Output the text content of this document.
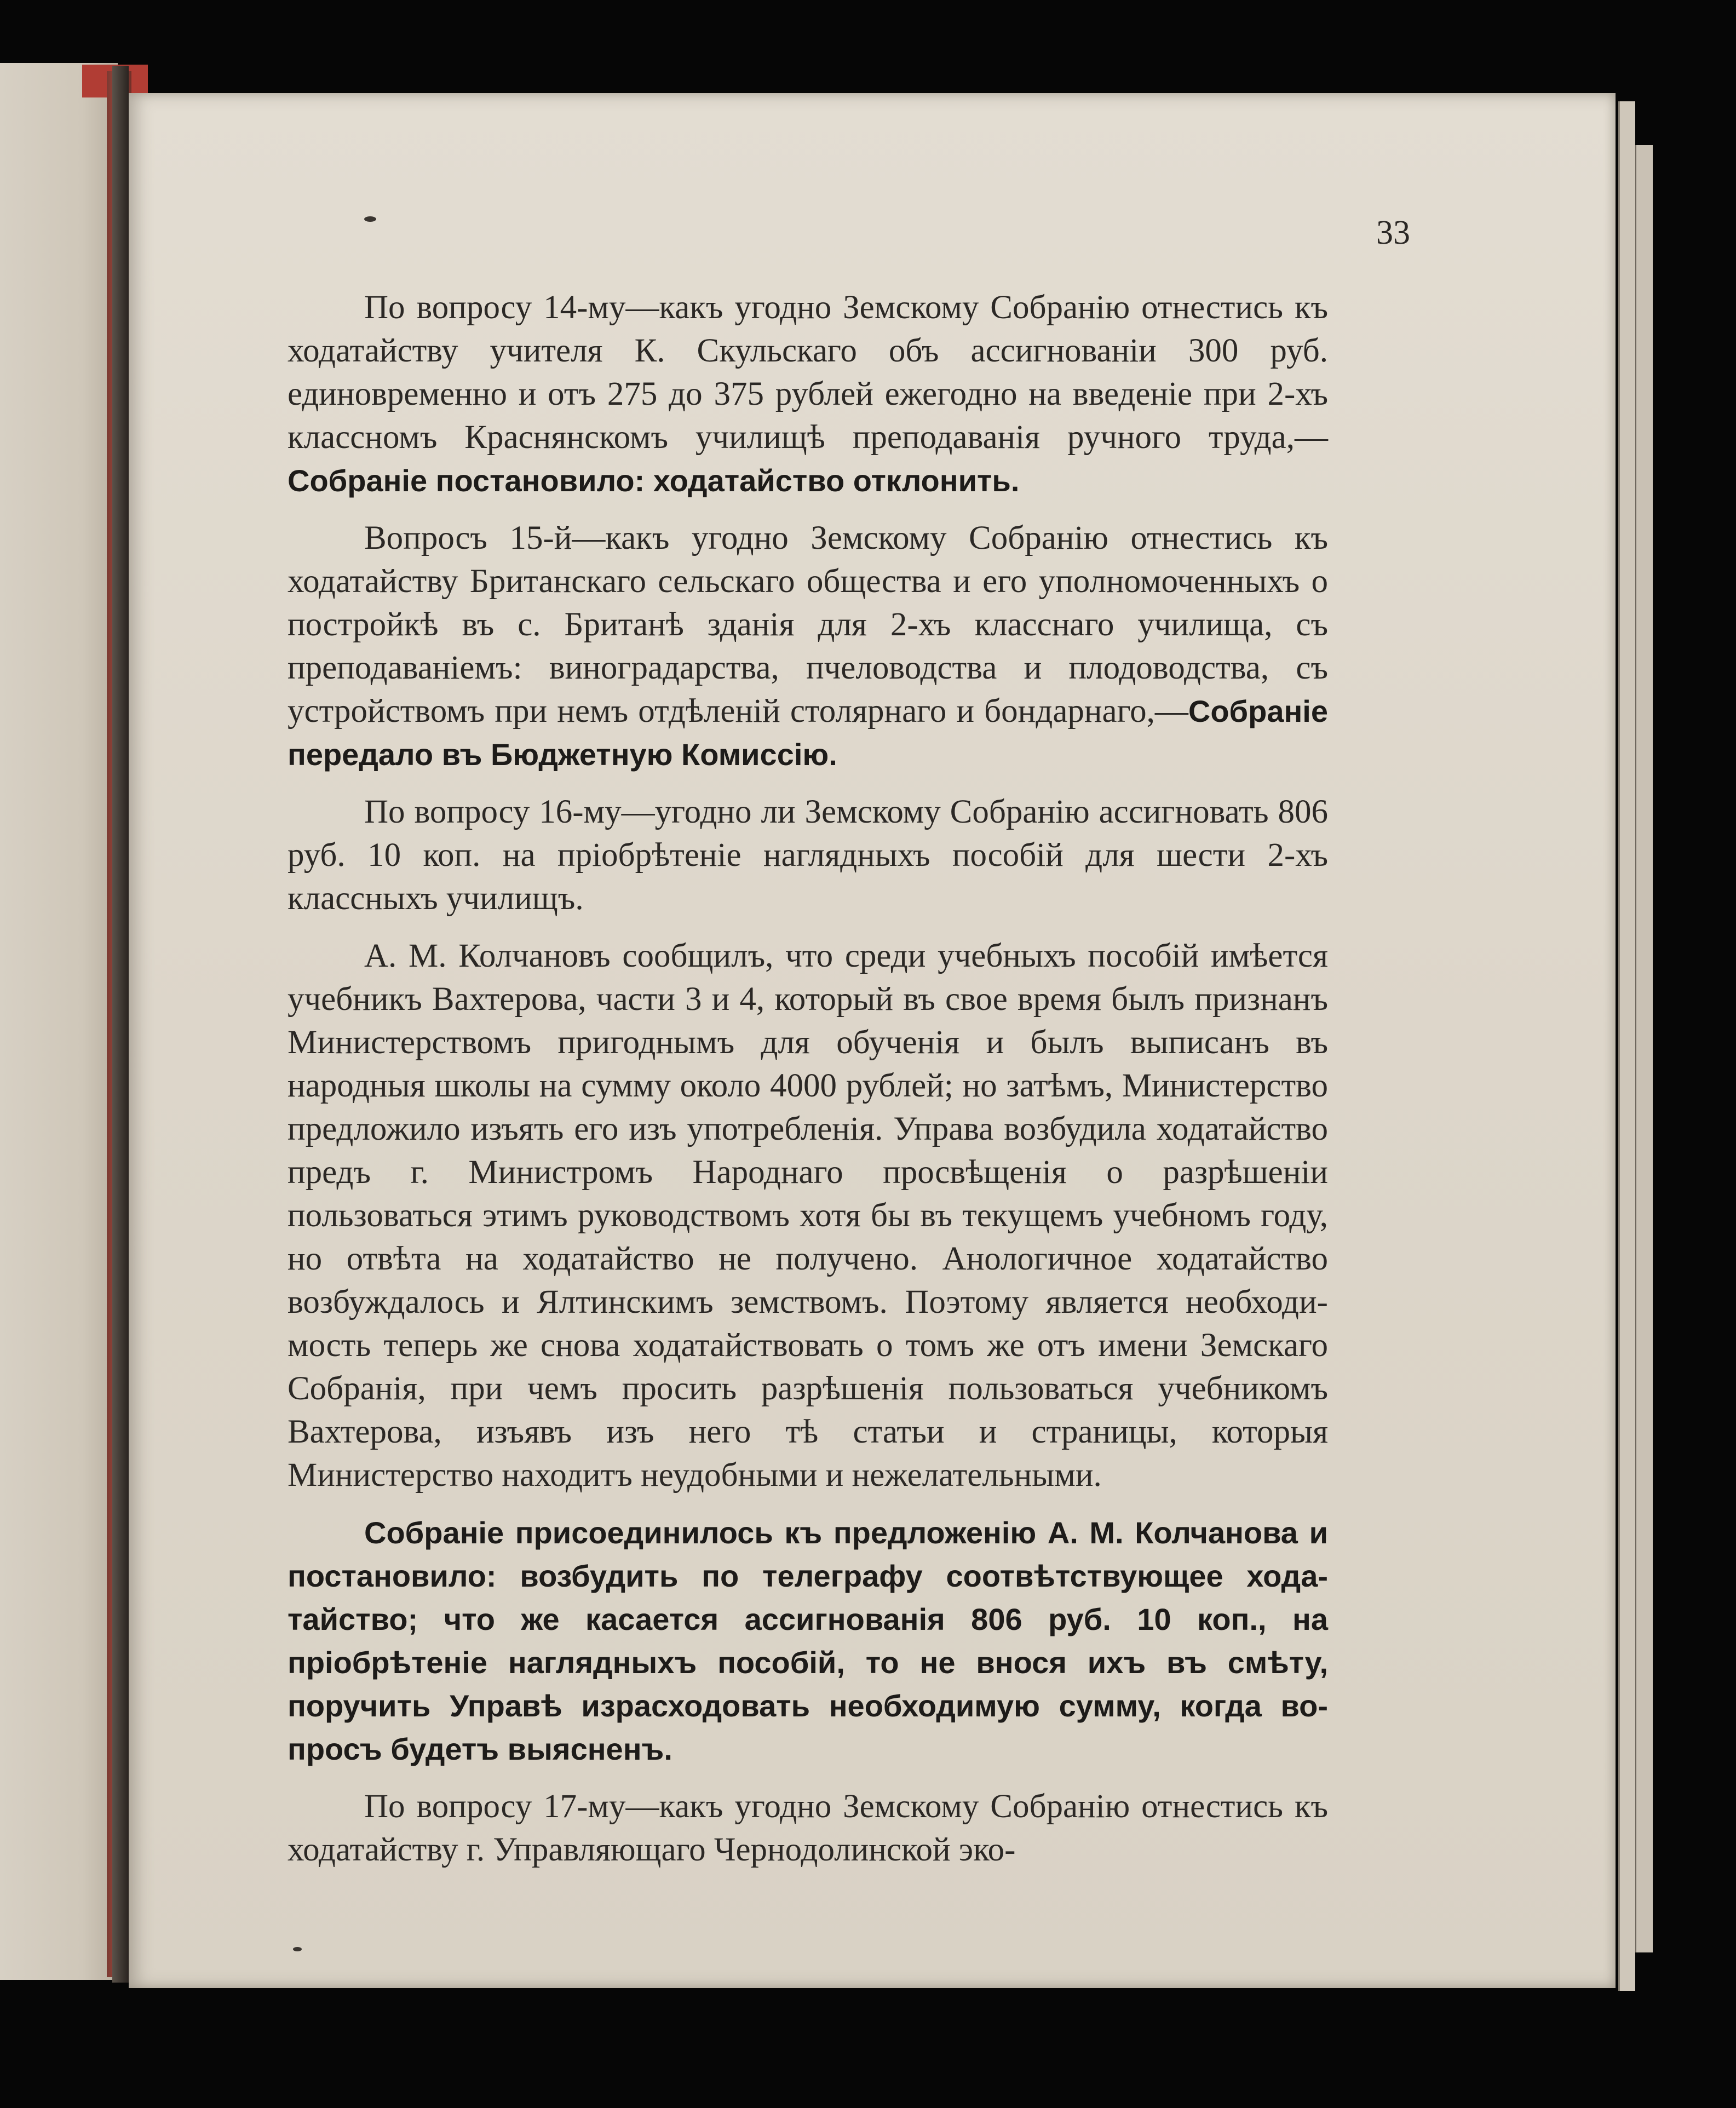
33

По вопросу 14-му—какъ угодно Земскому Собранію отнестись къ ходатайству учителя К. Скульскаго объ ассигнованіи 300 руб. единовременно и отъ 275 до 375 рублей ежегодно на введеніе при 2-хъ классномъ Краснянскомъ училищѣ преподаванія ручного труда,—Собраніе постановило: ходатайство отклонить.

Вопросъ 15-й—какъ угодно Земскому Собранію отнестись къ ходатайству Британскаго сельскаго общества и его уполномоченныхъ о постройкѣ въ с. Британѣ зданія для 2-хъ класснаго училища, съ преподаваніемъ: виноградарства, пчеловодства и плодоводства, съ устройствомъ при немъ отдѣленій столярнаго и бондарнаго,—Собраніе передало въ Бюджетную Комиссію.

По вопросу 16-му—угодно ли Земскому Собранію ассигновать 806 руб. 10 коп. на пріобрѣтеніе наглядныхъ пособій для шести 2-хъ классныхъ училищъ.

А. М. Колчановъ сообщилъ, что среди учебныхъ пособій имѣется учебникъ Вахтерова, части 3 и 4, который въ свое время былъ признанъ Министерствомъ пригоднымъ для обученія и былъ выписанъ въ народныя школы на сумму около 4000 рублей; но затѣмъ, Министерство предложило изъять его изъ употребленія. Управа возбудила ходатайство предъ г. Министромъ Народнаго просвѣщенія о разрѣшеніи пользоваться этимъ руководствомъ хотя бы въ текущемъ учебномъ году, но отвѣта на ходатайство не получено. Анологичное ходатайство возбуждалось и Ялтинскимъ земствомъ. Поэтому является необходимость теперь же снова ходатайствовать о томъ же отъ имени Земскаго Собранія, при чемъ просить разрѣшенія пользоваться учебникомъ Вахтерова, изъявъ изъ него тѣ статьи и страницы, которыя Министерство находитъ неудобными и нежелательными.

Собраніе присоединилось къ предложенію А. М. Колчанова и постановило: возбудить по телеграфу соотвѣтствующее ходатайство; что же касается ассигнованія 806 руб. 10 коп., на пріобрѣтеніе наглядныхъ пособій, то не внося ихъ въ смѣту, поручить Управѣ израсходовать необходимую сумму, когда вопросъ будетъ выясненъ.

По вопросу 17-му—какъ угодно Земскому Собранію отнестись къ ходатайству г. Управляющаго Чернодолинской эко-
